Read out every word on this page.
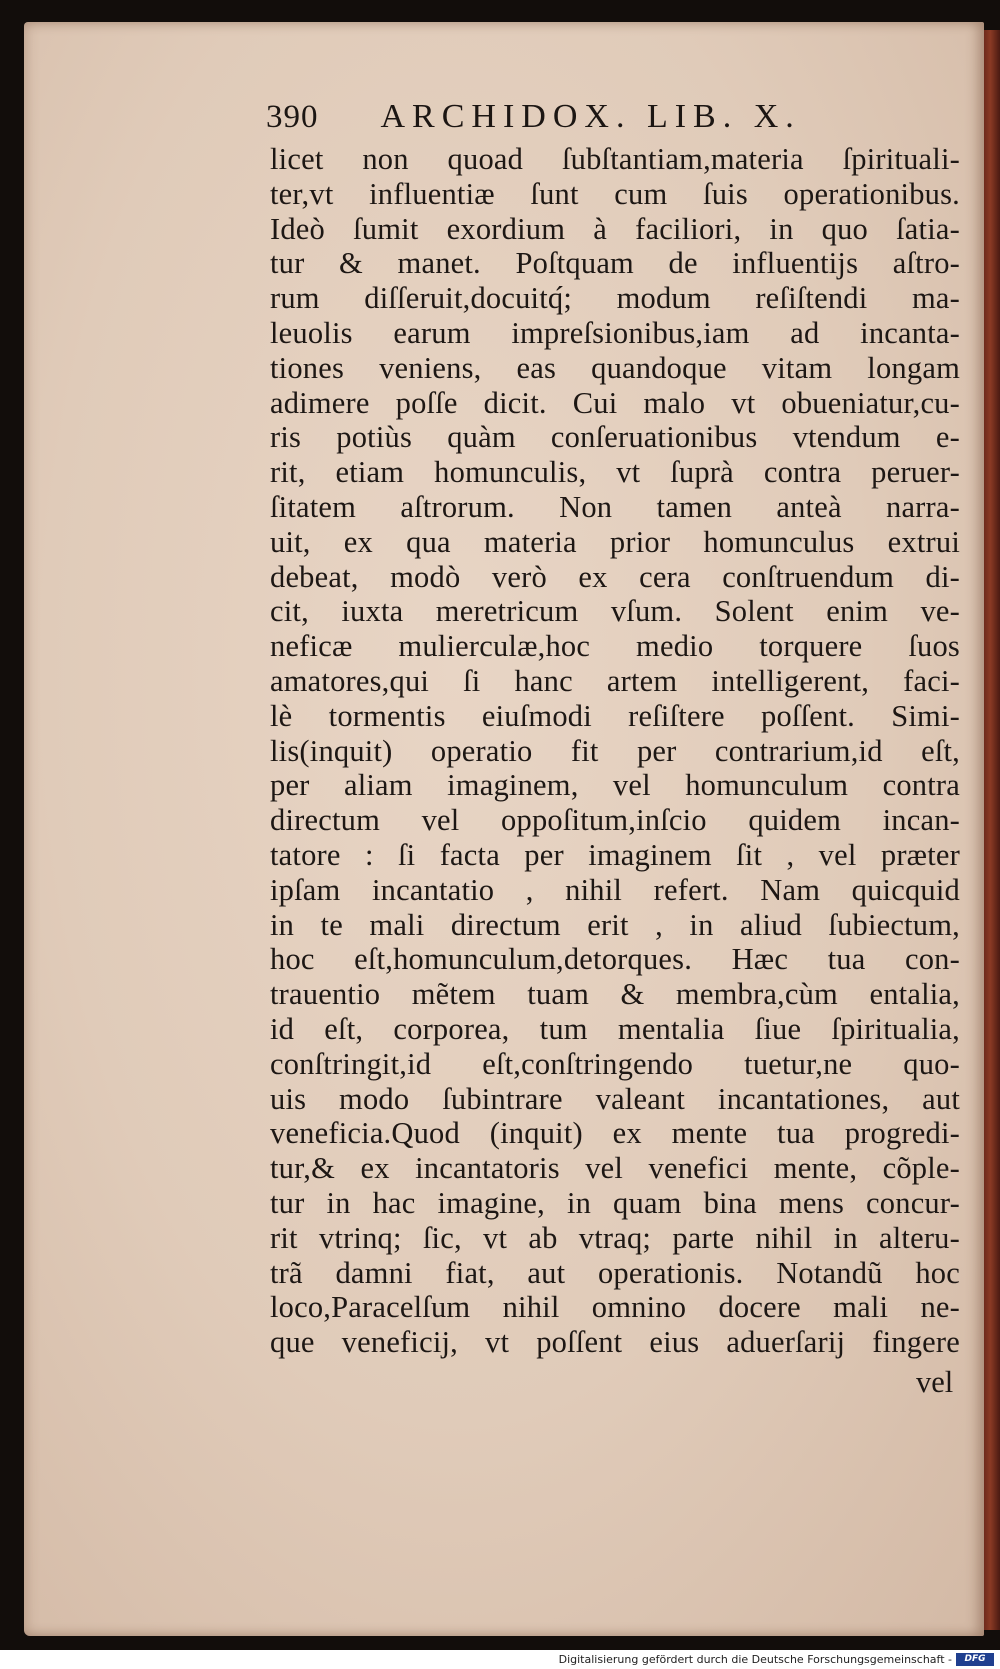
390 ARCHIDOX. LIB. X.
licet non quoad ſubſtantiam,materia ſpirituali-
ter,vt influentiæ ſunt cum ſuis operationibus.
Ideò ſumit exordium à faciliori, in quo ſatia-
tur & manet. Poſtquam de influentijs aſtro-
rum diſſeruit,docuitq́; modum reſiſtendi ma-
leuolis earum impreſsionibus,iam ad incanta-
tiones veniens, eas quandoque vitam longam
adimere poſſe dicit. Cui malo vt obueniatur,cu-
ris potiùs quàm conſeruationibus vtendum e-
rit, etiam homunculis, vt ſuprà contra peruer-
ſitatem aſtrorum. Non tamen anteà narra-
uit, ex qua materia prior homunculus extrui
debeat, modò verò ex cera conſtruendum di-
cit, iuxta meretricum vſum. Solent enim ve-
neficæ mulierculæ,hoc medio torquere ſuos
amatores,qui ſi hanc artem intelligerent, faci-
lè tormentis eiuſmodi reſiſtere poſſent. Simi-
lis(inquit) operatio fit per contrarium,id eſt,
per aliam imaginem, vel homunculum contra
directum vel oppoſitum,inſcio quidem incan-
tatore : ſi facta per imaginem ſit , vel præter
ipſam incantatio , nihil refert. Nam quicquid
in te mali directum erit , in aliud ſubiectum,
hoc eſt,homunculum,detorques. Hæc tua con-
trauentio mẽtem tuam & membra,cùm entalia,
id eſt, corporea, tum mentalia ſiue ſpiritualia,
conſtringit,id eſt,conſtringendo tuetur,ne quo-
uis modo ſubintrare valeant incantationes, aut
veneficia.Quod (inquit) ex mente tua progredi-
tur,& ex incantatoris vel venefici mente, cõple-
tur in hac imagine, in quam bina mens concur-
rit vtrinq; ſic, vt ab vtraq; parte nihil in alteru-
trã damni fiat, aut operationis. Notandũ hoc
loco,Paracelſum nihil omnino docere mali ne-
que veneficij, vt poſſent eius aduerſarij fingere
vel
Digitalisierung gefördert durch die Deutsche Forschungsgemeinschaft -	DFG
